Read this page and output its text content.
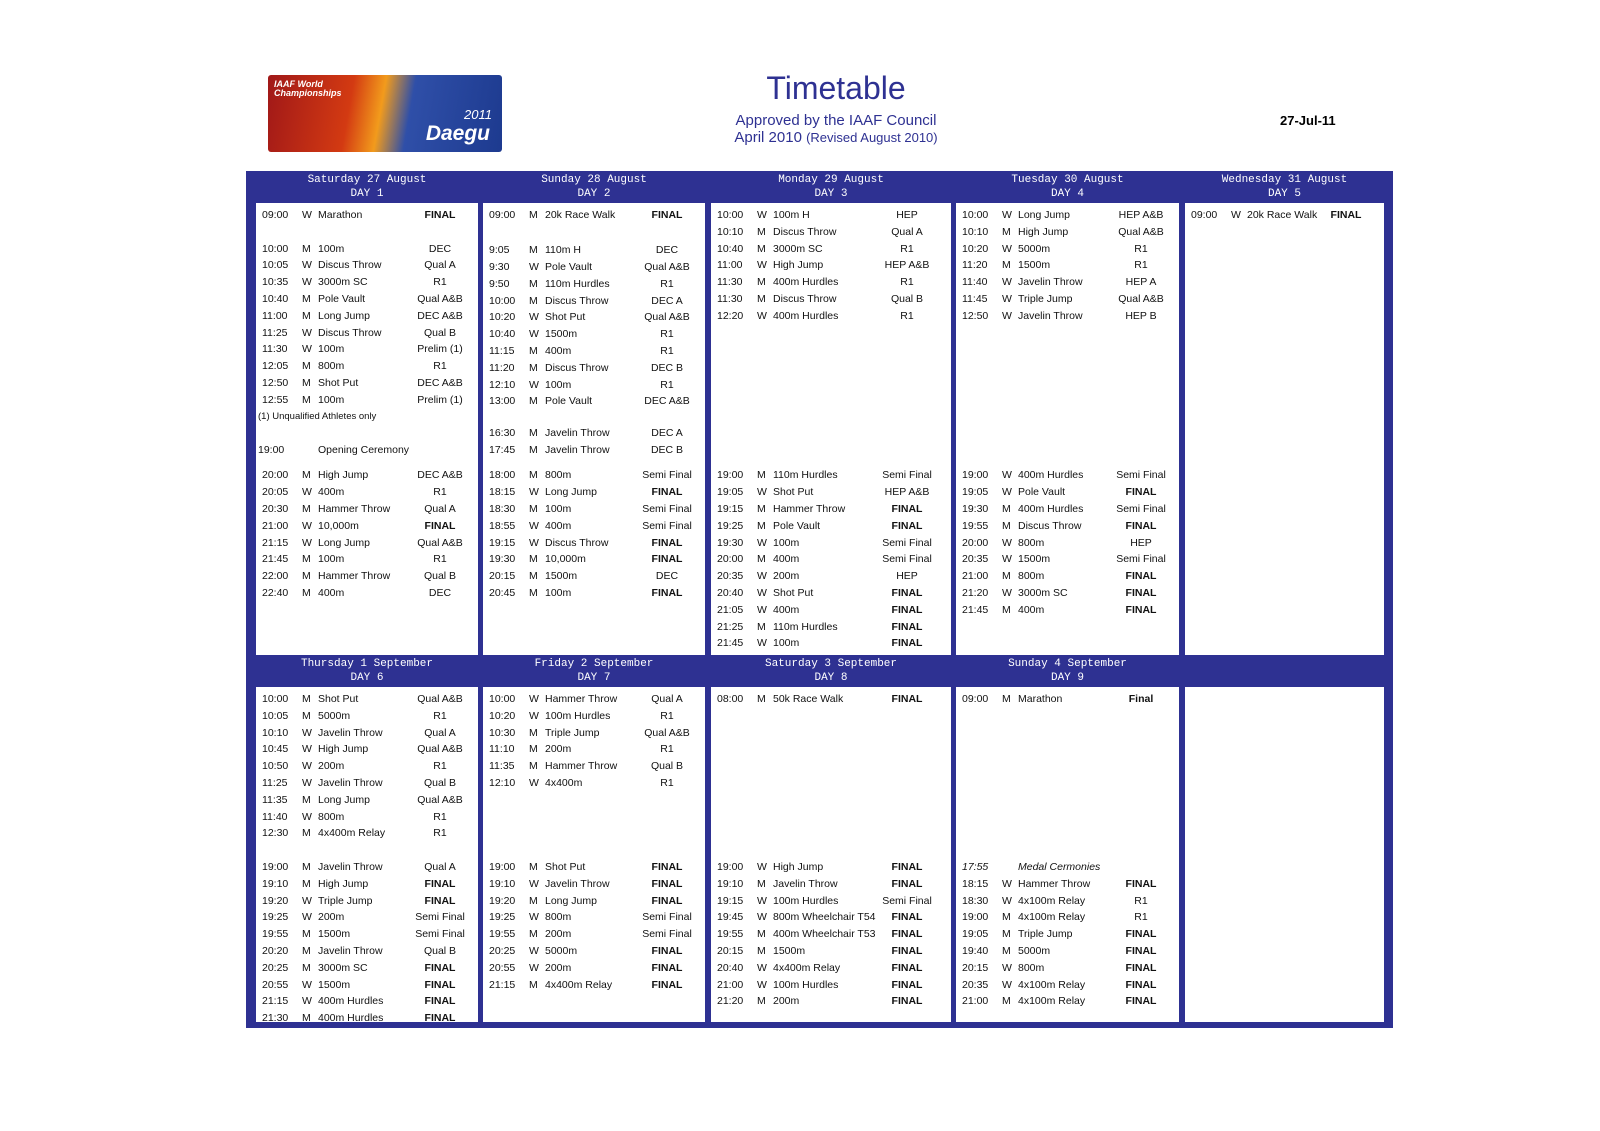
IAAF World Championships
2011
Daegu
Timetable
Approved by the IAAF Council
April 2010 (Revised August 2010)
27-Jul-11
Saturday 27 August
DAY 1
09:00 W Marathon	FINAL
10:00 M 100m	DEC
10:05 W Discus Throw	Qual A
10:35 W 3000m SC	R1
10:40 M Pole Vault	Qual A&B
11:00 M Long Jump	DEC A&B
11:25 W Discus Throw	Qual B
11:30 W 100m	Prelim (1)
12:05 M 800m	R1
12:50 M Shot Put	DEC A&B
12:55 M 100m	Prelim (1)
(1) Unqualified Athletes only
19:00	Opening Ceremony
20:00 M High Jump	DEC A&B
20:05 W 400m	R1
20:30 M Hammer Throw	Qual A
21:00 W 10,000m	FINAL
21:15 W Long Jump	Qual A&B
21:45 M 100m	R1
22:00 M Hammer Throw	Qual B
22:40 M 400m	DEC
Sunday 28 August
DAY 2
09:00 M 20k Race Walk	FINAL
9:05 M 110m H	DEC
9:30 W Pole Vault	Qual A&B
9:50 M 110m Hurdles	R1
10:00 M Discus Throw	DEC A
10:20 W Shot Put	Qual A&B
10:40 W 1500m	R1
11:15 M 400m	R1
11:20 M Discus Throw	DEC B
12:10 W 100m	R1
13:00 M Pole Vault	DEC A&B
16:30 M Javelin Throw	DEC A
17:45 M Javelin Throw	DEC B
18:00 M 800m	Semi Final
18:15 W Long Jump	FINAL
18:30 M 100m	Semi Final
18:55 W 400m	Semi Final
19:15 W Discus Throw	FINAL
19:30 M 10,000m	FINAL
20:15 M 1500m	DEC
20:45 M 100m	FINAL
Monday 29 August
DAY 3
10:00 W 100m H	HEP
10:10 M Discus Throw	Qual A
10:40 M 3000m SC	R1
11:00 W High Jump	HEP A&B
11:30 M 400m Hurdles	R1
11:30 M Discus Throw	Qual B
12:20 W 400m Hurdles	R1
19:00 M 110m Hurdles	Semi Final
19:05 W Shot Put	HEP A&B
19:15 M Hammer Throw	FINAL
19:25 M Pole Vault	FINAL
19:30 W 100m	Semi Final
20:00 M 400m	Semi Final
20:35 W 200m	HEP
20:40 W Shot Put	FINAL
21:05 W 400m	FINAL
21:25 M 110m Hurdles	FINAL
21:45 W 100m	FINAL
Tuesday 30 August
DAY 4
10:00 W Long Jump	HEP A&B
10:10 M High Jump	Qual A&B
10:20 W 5000m	R1
11:20 M 1500m	R1
11:40 W Javelin Throw	HEP A
11:45 W Triple Jump	Qual A&B
12:50 W Javelin Throw	HEP B
19:00 W 400m Hurdles	Semi Final
19:05 W Pole Vault	FINAL
19:30 M 400m Hurdles	Semi Final
19:55 M Discus Throw	FINAL
20:00 W 800m	HEP
20:35 W 1500m	Semi Final
21:00 M 800m	FINAL
21:20 W 3000m SC	FINAL
21:45 M 400m	FINAL
Wednesday 31 August
DAY 5
09:00 W 20k Race Walk	FINAL
Thursday 1 September
DAY 6
10:00 M Shot Put	Qual A&B
10:05 M 5000m	R1
10:10 W Javelin Throw	Qual A
10:45 W High Jump	Qual A&B
10:50 W 200m	R1
11:25 W Javelin Throw	Qual B
11:35 M Long Jump	Qual A&B
11:40 W 800m	R1
12:30 M 4x400m Relay	R1
19:00 M Javelin Throw	Qual A
19:10 M High Jump	FINAL
19:20 W Triple Jump	FINAL
19:25 W 200m	Semi Final
19:55 M 1500m	Semi Final
20:20 M Javelin Throw	Qual B
20:25 M 3000m SC	FINAL
20:55 W 1500m	FINAL
21:15 W 400m Hurdles	FINAL
21:30 M 400m Hurdles	FINAL
Friday 2 September
DAY 7
10:00 W Hammer Throw	Qual A
10:20 W 100m Hurdles	R1
10:30 M Triple Jump	Qual A&B
11:10 M 200m	R1
11:35 M Hammer Throw	Qual B
12:10 W 4x400m	R1
19:00 M Shot Put	FINAL
19:10 W Javelin Throw	FINAL
19:20 M Long Jump	FINAL
19:25 W 800m	Semi Final
19:55 M 200m	Semi Final
20:25 W 5000m	FINAL
20:55 W 200m	FINAL
21:15 M 4x400m Relay	FINAL
Saturday 3 September
DAY 8
08:00 M 50k Race Walk	FINAL
19:00 W High Jump	FINAL
19:10 M Javelin Throw	FINAL
19:15 W 100m Hurdles	Semi Final
19:45 W 800m Wheelchair T54	FINAL
19:55 M 400m Wheelchair T53	FINAL
20:15 M 1500m	FINAL
20:40 W 4x400m Relay	FINAL
21:00 W 100m Hurdles	FINAL
21:20 M 200m	FINAL
Sunday 4 September
DAY 9
09:00 M Marathon	Final
17:55	Medal Cermonies
18:15 W Hammer Throw	FINAL
18:30 W 4x100m Relay	R1
19:00 M 4x100m Relay	R1
19:05 M Triple Jump	FINAL
19:40 M 5000m	FINAL
20:15 W 800m	FINAL
20:35 W 4x100m Relay	FINAL
21:00 M 4x100m Relay	FINAL
